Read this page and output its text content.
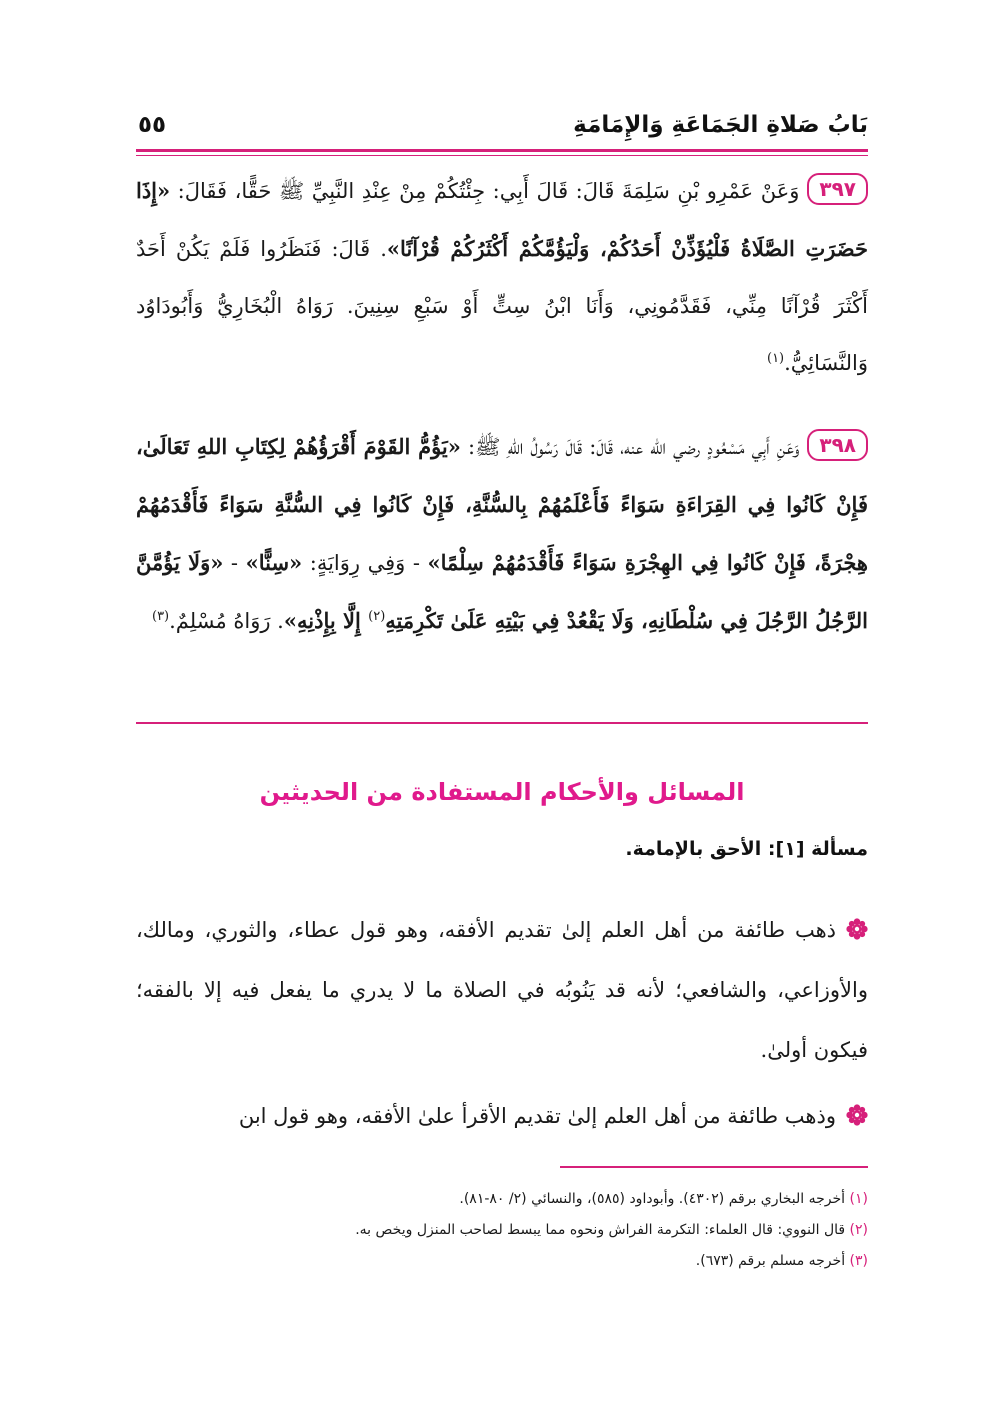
بَابُ صَلاةِ الجَمَاعَةِ وَالإِمَامَةِ
٥٥
٣٩٧وَعَنْ عَمْرِو بْنِ سَلِمَةَ قَالَ: قَالَ أَبِي: جِئْتُكُمْ مِنْ عِنْدِ النَّبِيِّ ﷺ حَقًّا، فَقَالَ: «إِذَا حَضَرَتِ الصَّلَاةُ فَلْيُؤَذِّنْ أَحَدُكُمْ، وَلْيَؤُمَّكُمْ أَكْثَرُكُمْ قُرْآنًا». قَالَ: فَنَظَرُوا فَلَمْ يَكُنْ أَحَدٌ أَكْثَرَ قُرْآنًا مِنِّي، فَقَدَّمُونِي، وَأَنَا ابْنُ سِتٍّ أَوْ سَبْعِ سِنِينَ. رَوَاهُ الْبُخَارِيُّ وَأَبُودَاوُد وَالنَّسَائِيُّ.$^{(١)}$
٣٩٨وَعَنِ أَبِي مَسْعُودٍ رضي الله عنه، قَالَ: قَالَ رَسُولُ اللهِ ﷺ: «يَؤُمُّ القَوْمَ أَقْرَؤُهُمْ لِكِتَابِ اللهِ تَعَالَىٰ، فَإِنْ كَانُوا فِي القِرَاءَةِ سَوَاءً فَأَعْلَمُهُمْ بِالسُّنَّةِ، فَإِنْ كَانُوا فِي السُّنَّةِ سَوَاءً فَأَقْدَمُهُمْ هِجْرَةً، فَإِنْ كَانُوا فِي الهِجْرَةِ سَوَاءً فَأَقْدَمُهُمْ سِلْمًا» - وَفِي رِوَايَةٍ: «سِنًّا» - «وَلَا يَؤُمَّنَّ الرَّجُلُ الرَّجُلَ فِي سُلْطَانِهِ، وَلَا يَقْعُدْ فِي بَيْتِهِ عَلَىٰ تَكْرِمَتِهِ$^{(٢)}$ إِلَّا بِإِذْنِهِ». رَوَاهُ مُسْلِمٌ.$^{(٣)}$
المسائل والأحكام المستفادة من الحديثين
مسألة [١]: الأحق بالإمامة.
ذهب طائفة من أهل العلم إلىٰ تقديم الأفقه، وهو قول عطاء، والثوري، ومالك، والأوزاعي، والشافعي؛ لأنه قد يَنُوبُه في الصلاة ما لا يدري ما يفعل فيه إلا بالفقه؛ فيكون أولىٰ.
وذهب طائفة من أهل العلم إلىٰ تقديم الأقرأ علىٰ الأفقه، وهو قول ابن
(١) أخرجه البخاري برقم (٤٣٠٢). وأبوداود (٥٨٥)، والنسائي (٢/ ٨٠-٨١).
(٢) قال النووي: قال العلماء: التكرمة الفراش ونحوه مما يبسط لصاحب المنزل ويخص به.
(٣) أخرجه مسلم برقم (٦٧٣).
